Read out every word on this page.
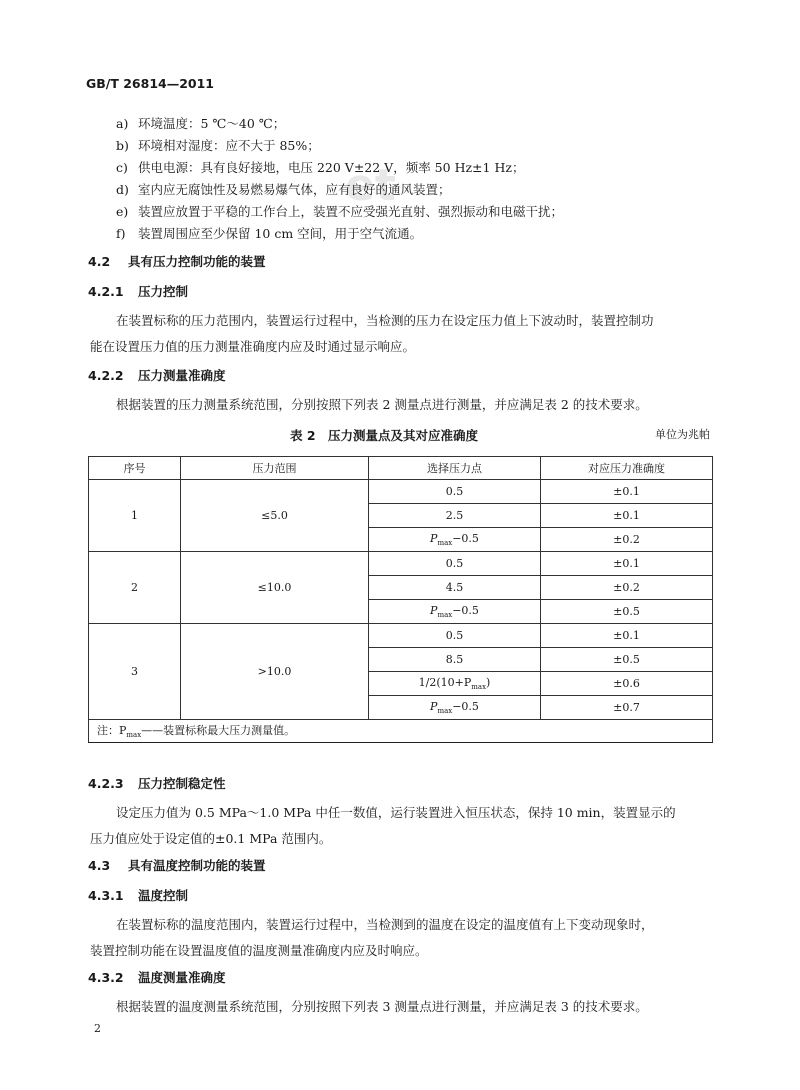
GB/T 26814—2011
et
a) 环境温度：5 ℃～40 ℃；
b) 环境相对湿度：应不大于 85%；
c) 供电电源：具有良好接地，电压 220 V±22 V，频率 50 Hz±1 Hz；
d) 室内应无腐蚀性及易燃易爆气体，应有良好的通风装置；
e) 装置应放置于平稳的工作台上，装置不应受强光直射、强烈振动和电磁干扰；
f) 装置周围应至少保留 10 cm 空间，用于空气流通。
4.2 具有压力控制功能的装置
4.2.1 压力控制
在装置标称的压力范围内，装置运行过程中，当检测的压力在设定压力值上下波动时，装置控制功
能在设置压力值的压力测量准确度内应及时通过显示响应。
4.2.2 压力测量准确度
根据装置的压力测量系统范围，分别按照下列表 2 测量点进行测量，并应满足表 2 的技术要求。
表 2　压力测量点及其对应准确度	单位为兆帕
序号	压力范围	选择压力点	对应压力准确度
1	≤5.0	0.5	±0.1
		2.5	±0.1
		$P_{max}-0.5$	±0.2
2	≤10.0	0.5	±0.1
		4.5	±0.2
		$P_{max}-0.5$	±0.5
3	>10.0	0.5	±0.1
		8.5	±0.5
		$1/2(10+P_{max})$	±0.6
		$P_{max}-0.5$	±0.7
注：$P_{max}——$装置标称最大压力测量值。			
4.2.3 压力控制稳定性
设定压力值为 0.5 MPa～1.0 MPa 中任一数值，运行装置进入恒压状态，保持 10 min，装置显示的
压力值应处于设定值的±0.1 MPa 范围内。
4.3 具有温度控制功能的装置
4.3.1 温度控制
在装置标称的温度范围内，装置运行过程中，当检测到的温度在设定的温度值有上下变动现象时，
装置控制功能在设置温度值的温度测量准确度内应及时响应。
4.3.2 温度测量准确度
根据装置的温度测量系统范围，分别按照下列表 3 测量点进行测量，并应满足表 3 的技术要求。
2
